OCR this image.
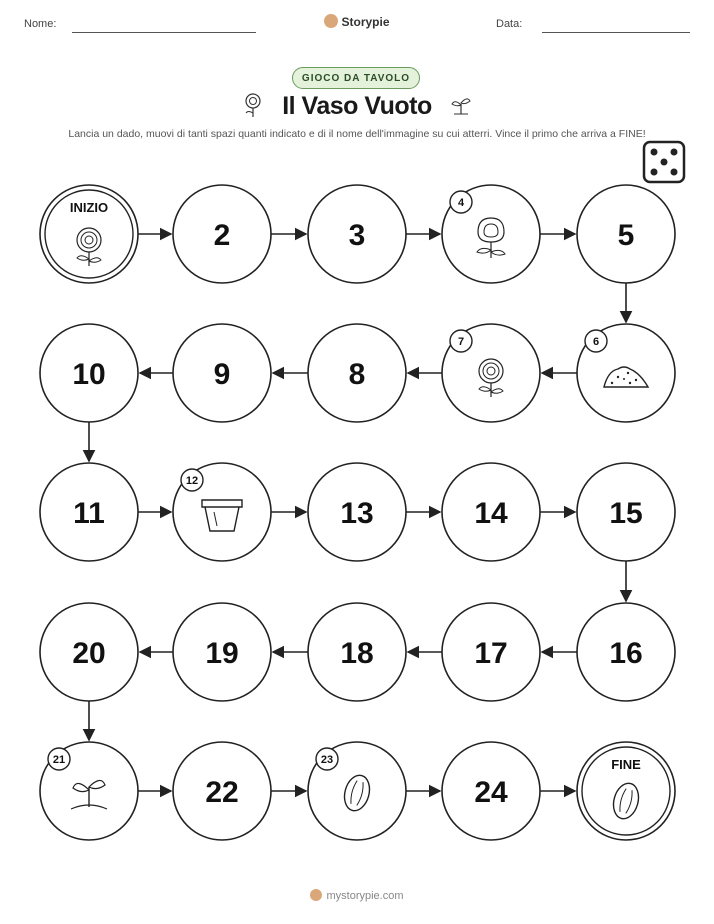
Nome:	Storypie	Data:
GIOCO DA TAVOLO
Il Vaso Vuoto
Lancia un dado, muovi di tanti spazi quanti indicato e di il nome dell'immagine su cui atterri. Vince il primo che arriva a FINE!
INIZIO
2	3
4
5
6
7
8
9
10
11
12
13	14	15
16
17
18
19
20
21
22
23
24
FINE
mystorypie.com
